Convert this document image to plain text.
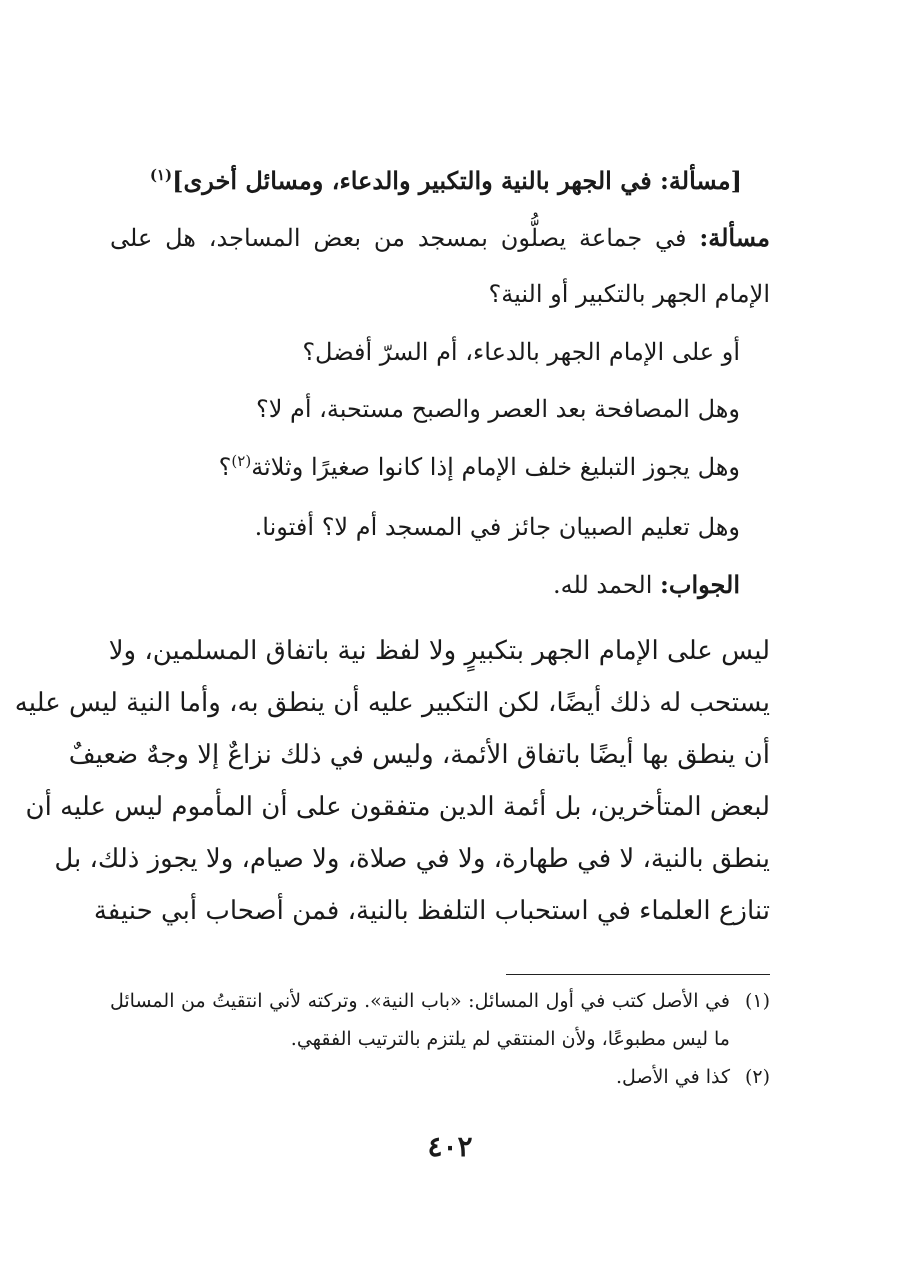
[مسألة: في الجهر بالنية والتكبير والدعاء، ومسائل أخرى]$^{(١)}$
مسألة: في جماعة يصلُّون بمسجد من بعض المساجد، هل على
الإمام الجهر بالتكبير أو النية؟
أو على الإمام الجهر بالدعاء، أم السرّ أفضل؟
وهل المصافحة بعد العصر والصبح مستحبة، أم لا؟
وهل يجوز التبليغ خلف الإمام إذا كانوا صغيرًا وثلاثة$^{(٢)}$؟
وهل تعليم الصبيان جائز في المسجد أم لا؟ أفتونا.
الجواب: الحمد لله.
ليس على الإمام الجهر بتكبيرٍ ولا لفظ نية باتفاق المسلمين، ولا
يستحب له ذلك أيضًا، لكن التكبير عليه أن ينطق به، وأما النية ليس عليه
أن ينطق بها أيضًا باتفاق الأئمة، وليس في ذلك نزاعٌ إلا وجهٌ ضعيفٌ
لبعض المتأخرين، بل أئمة الدين متفقون على أن المأموم ليس عليه أن
ينطق بالنية، لا في طهارة، ولا في صلاة، ولا صيام، ولا يجوز ذلك، بل
تنازع العلماء في استحباب التلفظ بالنية، فمن أصحاب أبي حنيفة
(١)
في الأصل كتب في أول المسائل: «باب النية». وتركته لأني انتقيتُ من المسائل
ما ليس مطبوعًا، ولأن المنتقي لم يلتزم بالترتيب الفقهي.
(٢)
كذا في الأصل.
٤٠٢
